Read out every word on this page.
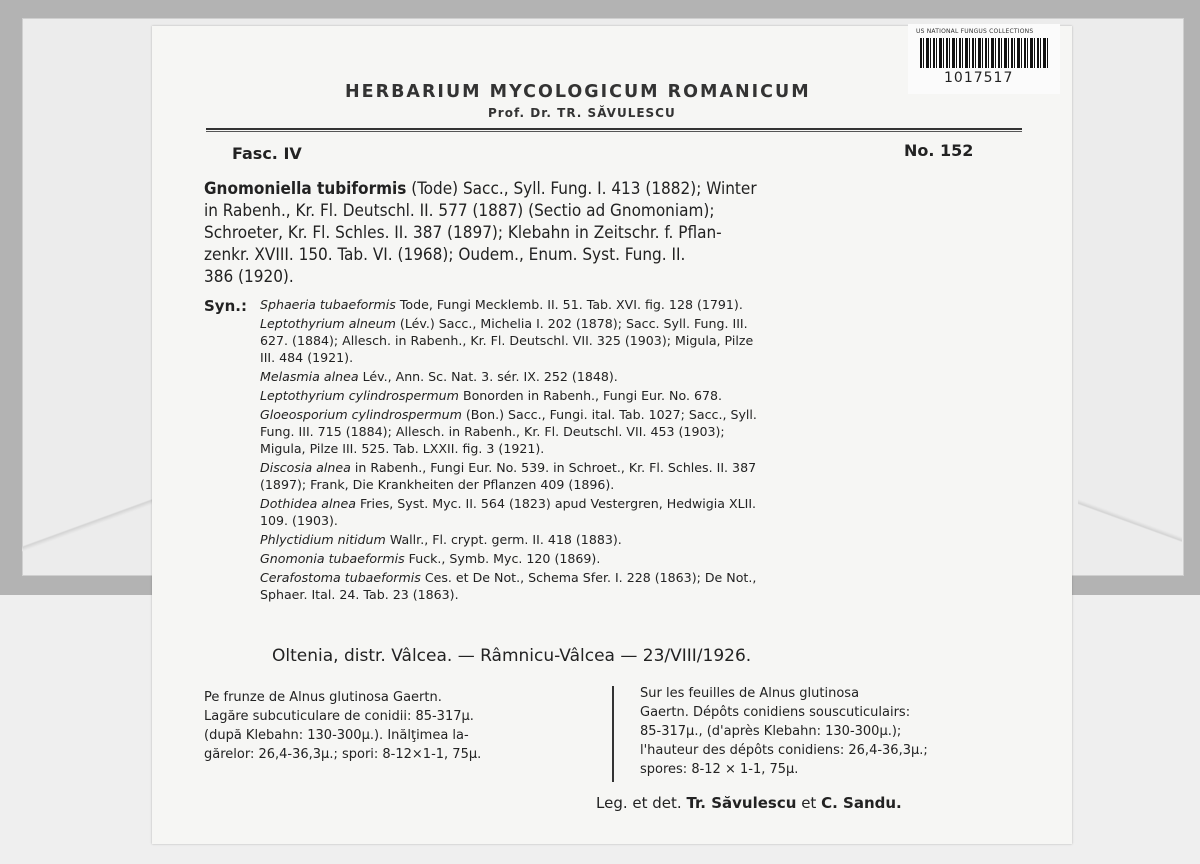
US NATIONAL FUNGUS COLLECTIONS
1017517
HERBARIUM MYCOLOGICUM ROMANICUM
Prof. Dr. TR. SĂVULESCU
Fasc. IV	No. 152
Gnomoniella tubiformis (Tode) Sacc., Syll. Fung. I. 413 (1882); Winter
in Rabenh., Kr. Fl. Deutschl. II. 577 (1887) (Sectio ad Gnomoniam);
Schroeter, Kr. Fl. Schles. II. 387 (1897); Klebahn in Zeitschr. f. Pflan-
zenkr. XVIII. 150. Tab. VI. (1968); Oudem., Enum. Syst. Fung. II.
386 (1920).
Syn.: Sphaeria tubaeformis Tode, Fungi Mecklemb. II. 51. Tab. XVI. fig. 128 (1791).
Leptothyrium alneum (Lév.) Sacc., Michelia I. 202 (1878); Sacc. Syll. Fung. III.
627. (1884); Allesch. in Rabenh., Kr. Fl. Deutschl. VII. 325 (1903); Migula, Pilze
III. 484 (1921).
Melasmia alnea Lév., Ann. Sc. Nat. 3. sér. IX. 252 (1848).
Leptothyrium cylindrospermum Bonorden in Rabenh., Fungi Eur. No. 678.
Gloeosporium cylindrospermum (Bon.) Sacc., Fungi. ital. Tab. 1027; Sacc., Syll.
Fung. III. 715 (1884); Allesch. in Rabenh., Kr. Fl. Deutschl. VII. 453 (1903);
Migula, Pilze III. 525. Tab. LXXII. fig. 3 (1921).
Discosia alnea in Rabenh., Fungi Eur. No. 539. in Schroet., Kr. Fl. Schles. II. 387
(1897); Frank, Die Krankheiten der Pflanzen 409 (1896).
Dothidea alnea Fries, Syst. Myc. II. 564 (1823) apud Vestergren, Hedwigia XLII.
109. (1903).
Phlyctidium nitidum Wallr., Fl. crypt. germ. II. 418 (1883).
Gnomonia tubaeformis Fuck., Symb. Myc. 120 (1869).
Cerafostoma tubaeformis Ces. et De Not., Schema Sfer. I. 228 (1863); De Not.,
Sphaer. Ital. 24. Tab. 23 (1863).
Oltenia, distr. Vâlcea. — Râmnicu-Vâlcea — 23/VIII/1926.
Pe frunze de Alnus glutinosa Gaertn.
Lagăre subcuticulare de conidii: 85-317μ.
(după Klebahn: 130-300μ.). Inălţimea la-
gărelor: 26,4-36,3μ.; spori: 8-12×1-1, 75μ.
Sur les feuilles de Alnus glutinosa
Gaertn. Dépôts conidiens souscuticulairs:
85-317μ., (d'après Klebahn: 130-300μ.);
l'hauteur des dépôts conidiens: 26,4-36,3μ.;
spores: 8-12 × 1-1, 75μ.
Leg. et det. Tr. Săvulescu et C. Sandu.
